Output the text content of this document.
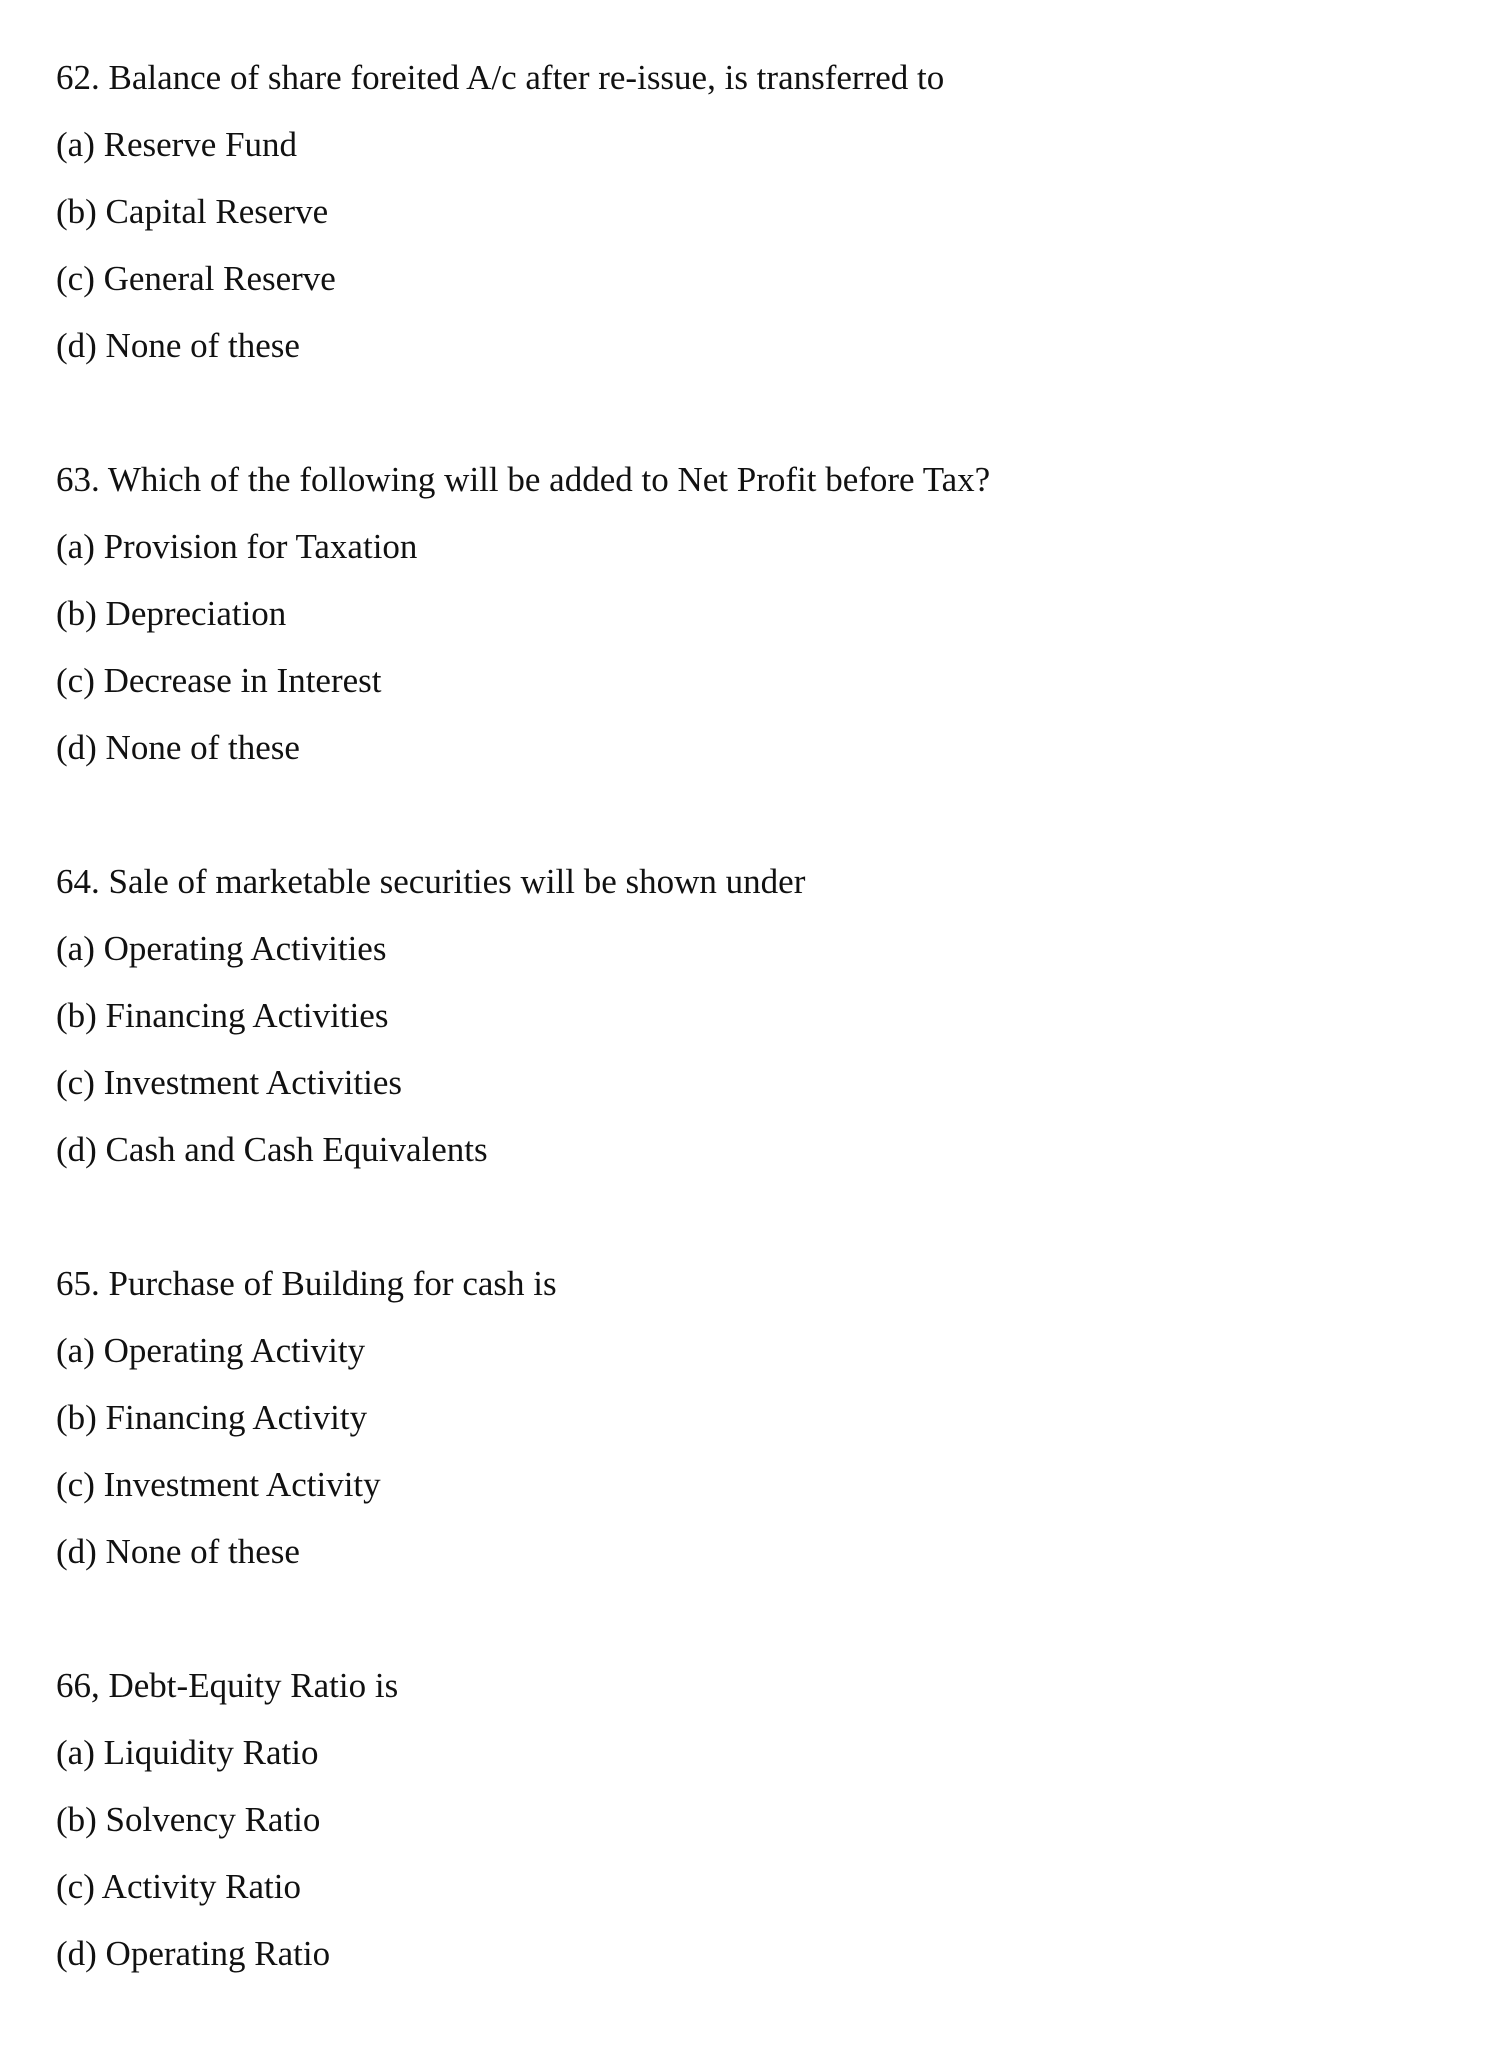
62. Balance of share foreited A/c after re-issue, is transferred to
(a) Reserve Fund
(b) Capital Reserve
(c) General Reserve
(d) None of these
63. Which of the following will be added to Net Profit before Tax?
(a) Provision for Taxation
(b) Depreciation
(c) Decrease in Interest
(d) None of these
64. Sale of marketable securities will be shown under
(a) Operating Activities
(b) Financing Activities
(c) Investment Activities
(d) Cash and Cash Equivalents
65. Purchase of Building for cash is
(a) Operating Activity
(b) Financing Activity
(c) Investment Activity
(d) None of these
66, Debt-Equity Ratio is
(a) Liquidity Ratio
(b) Solvency Ratio
(c) Activity Ratio
(d) Operating Ratio
